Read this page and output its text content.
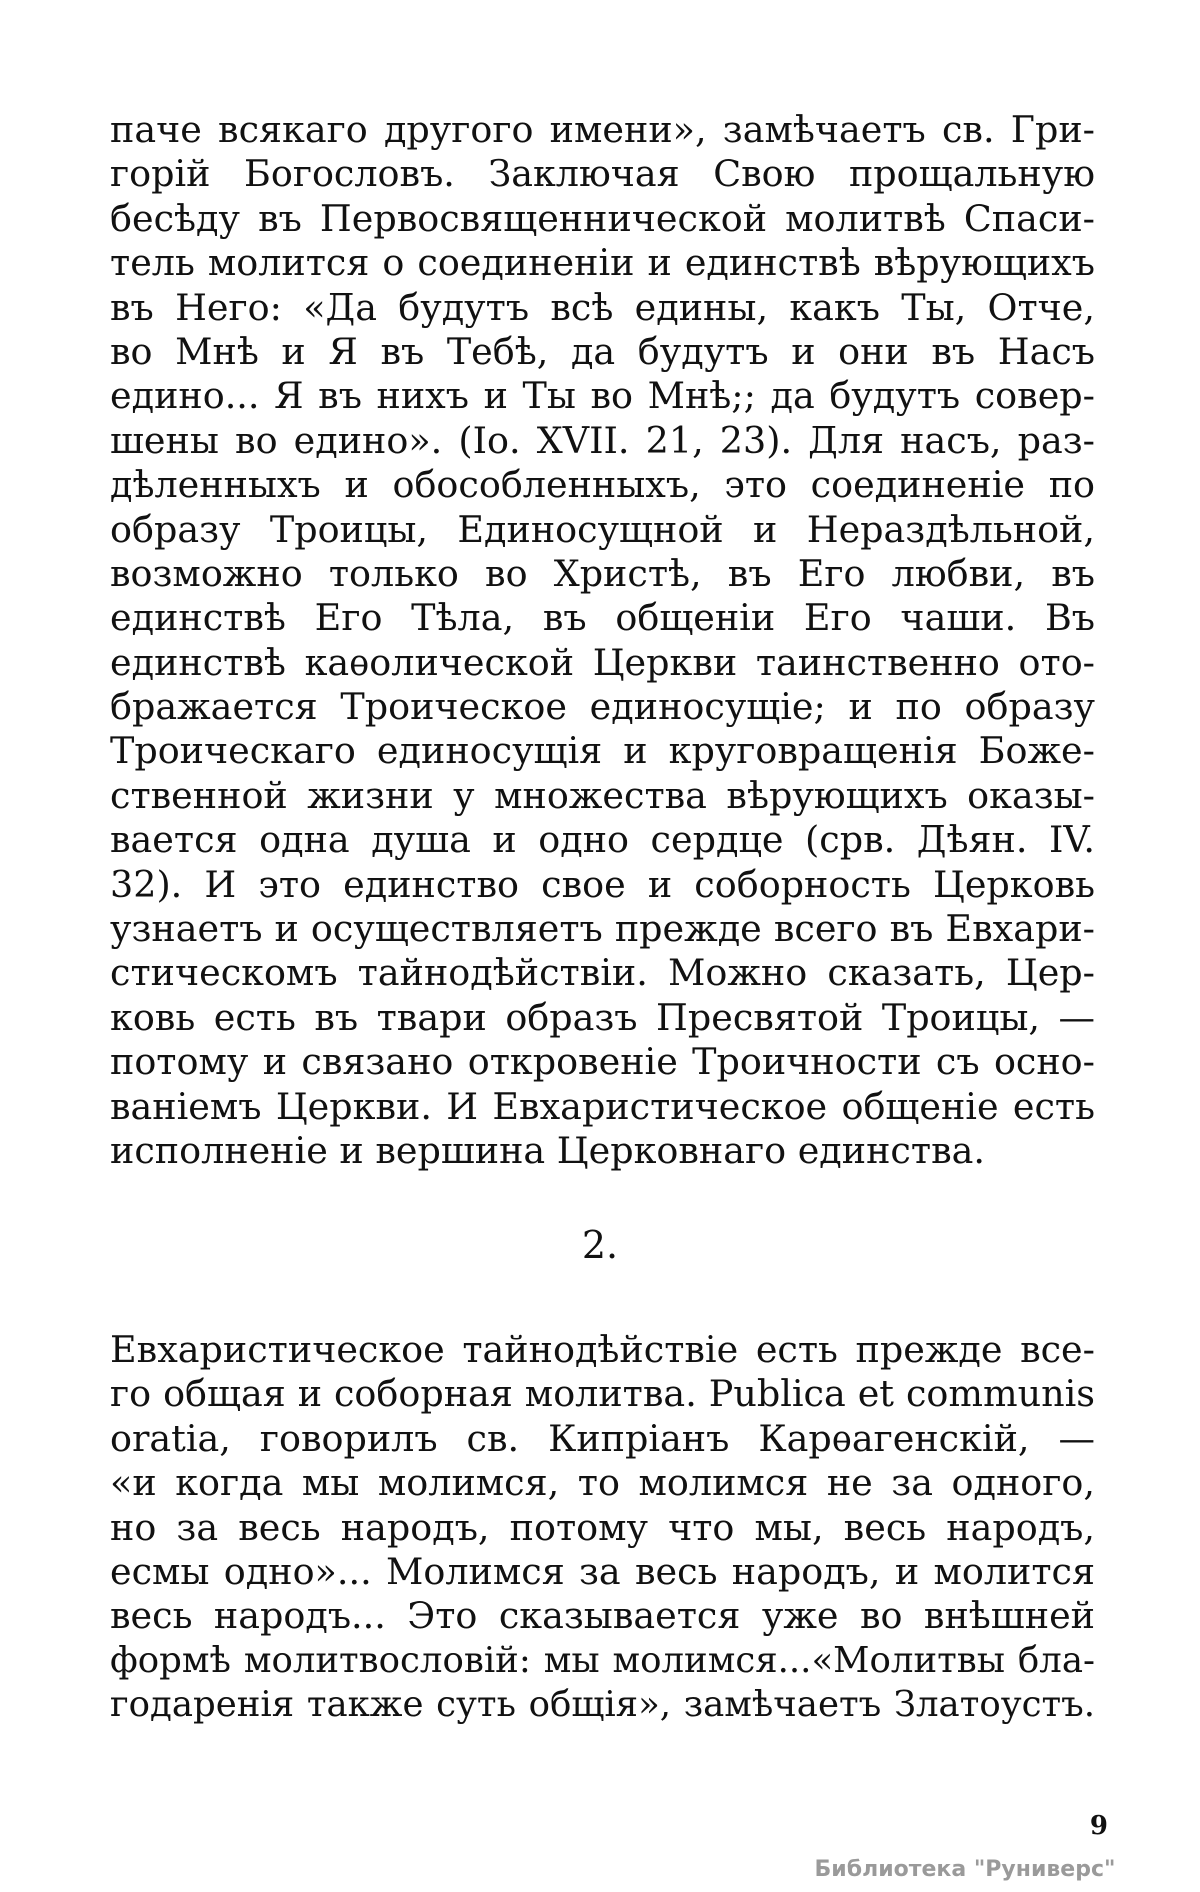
паче всякаго другого имени», замѣчаетъ св. Гри-
горій Богословъ. Заключая Свою прощальную
бесѣду въ Первосвященнической молитвѣ Спаси-
тель молится о соединеніи и единствѣ вѣрующихъ
въ Него: «Да будутъ всѣ едины, какъ Ты, Отче,
во Мнѣ и Я въ Тебѣ, да будутъ и они въ Насъ
едино... Я въ нихъ и Ты во Мнѣ;; да будутъ совер-
шены во едино». (Іо. XVII. 21, 23). Для насъ, раз-
дѣленныхъ и обособленныхъ, это соединеніе по
образу Троицы, Единосущной и Нераздѣльной,
возможно только во Христѣ, въ Его любви, въ
единствѣ Его Тѣла, въ общеніи Его чаши. Въ
единствѣ каѳолической Церкви таинственно ото-
бражается Троическое единосущіе; и по образу
Троическаго единосущія и круговращенія Боже-
ственной жизни у множества вѣрующихъ оказы-
вается одна душа и одно сердце (срв. Дѣян. IV.
32). И это единство свое и соборность Церковь
узнаетъ и осуществляетъ прежде всего въ Евхари-
стическомъ тайнодѣйствіи. Можно сказать, Цер-
ковь есть въ твари образъ Пресвятой Троицы, —
потому и связано откровеніе Троичности съ осно-
ваніемъ Церкви. И Евхаристическое общеніе есть
исполненіе и вершина Церковнаго единства.
2.
Евхаристическое тайнодѣйствіе есть прежде все-
го общая и соборная молитва. Publica et communis
oratia, говорилъ св. Кипріанъ Карѳагенскій, —
«и когда мы молимся, то молимся не за одного,
но за весь народъ, потому что мы, весь народъ,
есмы одно»... Молимся за весь народъ, и молится
весь народъ... Это сказывается уже во внѣшней
формѣ молитвословій: мы молимся...«Молитвы бла-
годаренія также суть общія», замѣчаетъ Златоустъ.
9
Библиотека "Руниверс"
